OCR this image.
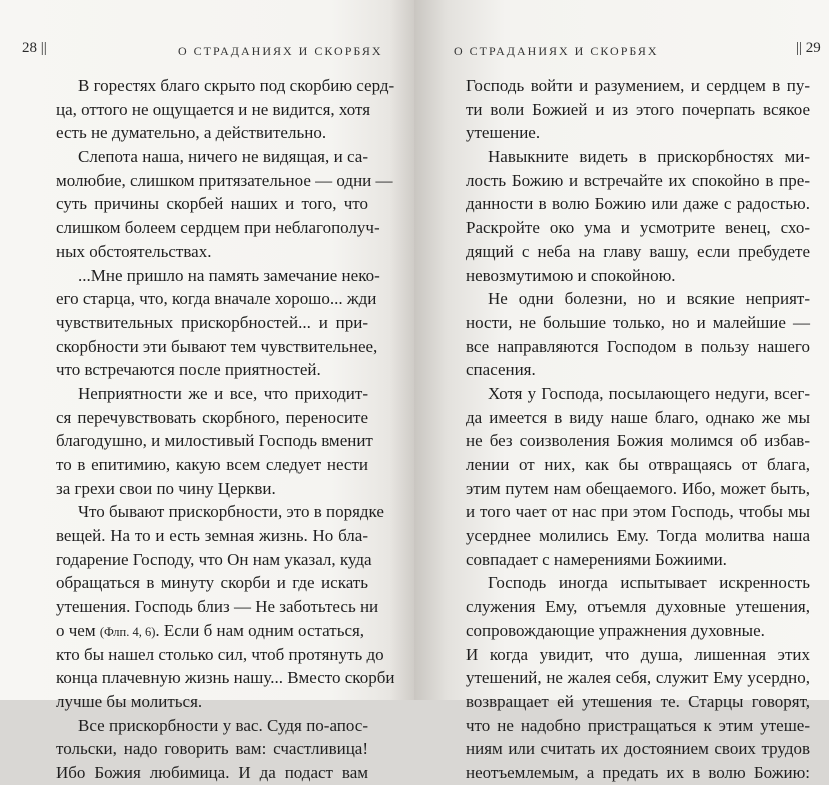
28 ||	О СТРАДАНИЯХ И СКОРБЯХ
В горестях благо скрыто под скорбию серд-
ца, оттого не ощущается и не видится, хотя
есть не думательно, а действительно.
Слепота наша, ничего не видящая, и са-
молюбие, слишком притязательное — одни —
суть причины скорбей наших и того, что
слишком болеем сердцем при неблагополуч-
ных обстоятельствах.
...Мне пришло на память замечание неко-
его старца, что, когда вначале хорошо... жди
чувствительных прискорбностей... и при-
скорбности эти бывают тем чувствительнее,
что встречаются после приятностей.
Неприятности же и все, что приходит-
ся перечувствовать скорбного, переносите
благодушно, и милостивый Господь вменит
то в епитимию, какую всем следует нести
за грехи свои по чину Церкви.
Что бывают прискорбности, это в порядке
вещей. На то и есть земная жизнь. Но бла-
годарение Господу, что Он нам указал, куда
обращаться в минуту скорби и где искать
утешения. Господь близ — Не заботьтесь ни
о чем (Флп. 4, 6). Если б нам одним остаться,
кто бы нашел столько сил, чтоб протянуть до
конца плачевную жизнь нашу... Вместо скорби
лучше бы молиться.
Все прискорбности у вас. Судя по-апос-
тольски, надо говорить вам: счастливица!
Ибо Божия любимица. И да подаст вам
О СТРАДАНИЯХ И СКОРБЯХ	|| 29
Господь войти и разумением, и сердцем в пу-
ти воли Божией и из этого почерпать всякое
утешение.
Навыкните видеть в прискорбностях ми-
лость Божию и встречайте их спокойно в пре-
данности в волю Божию или даже с радостью.
Раскройте око ума и усмотрите венец, схо-
дящий с неба на главу вашу, если пребудете
невозмутимою и спокойною.
Не одни болезни, но и всякие неприят-
ности, не большие только, но и малейшие —
все направляются Господом в пользу нашего
спасения.
Хотя у Господа, посылающего недуги, всег-
да имеется в виду наше благо, однако же мы
не без соизволения Божия молимся об избав-
лении от них, как бы отвращаясь от блага,
этим путем нам обещаемого. Ибо, может быть,
и того чает от нас при этом Господь, чтобы мы
усерднее молились Ему. Тогда молитва наша
совпадает с намерениями Божиими.
Господь иногда испытывает искренность
служения Ему, отъемля духовные утешения,
сопровождающие упражнения духовные.
И когда увидит, что душа, лишенная этих
утешений, не жалея себя, служит Ему усердно,
возвращает ей утешения те. Старцы говорят,
что не надобно пристращаться к этим утеше-
ниям или считать их достоянием своих трудов
неотъемлемым, а предать их в волю Божию:
